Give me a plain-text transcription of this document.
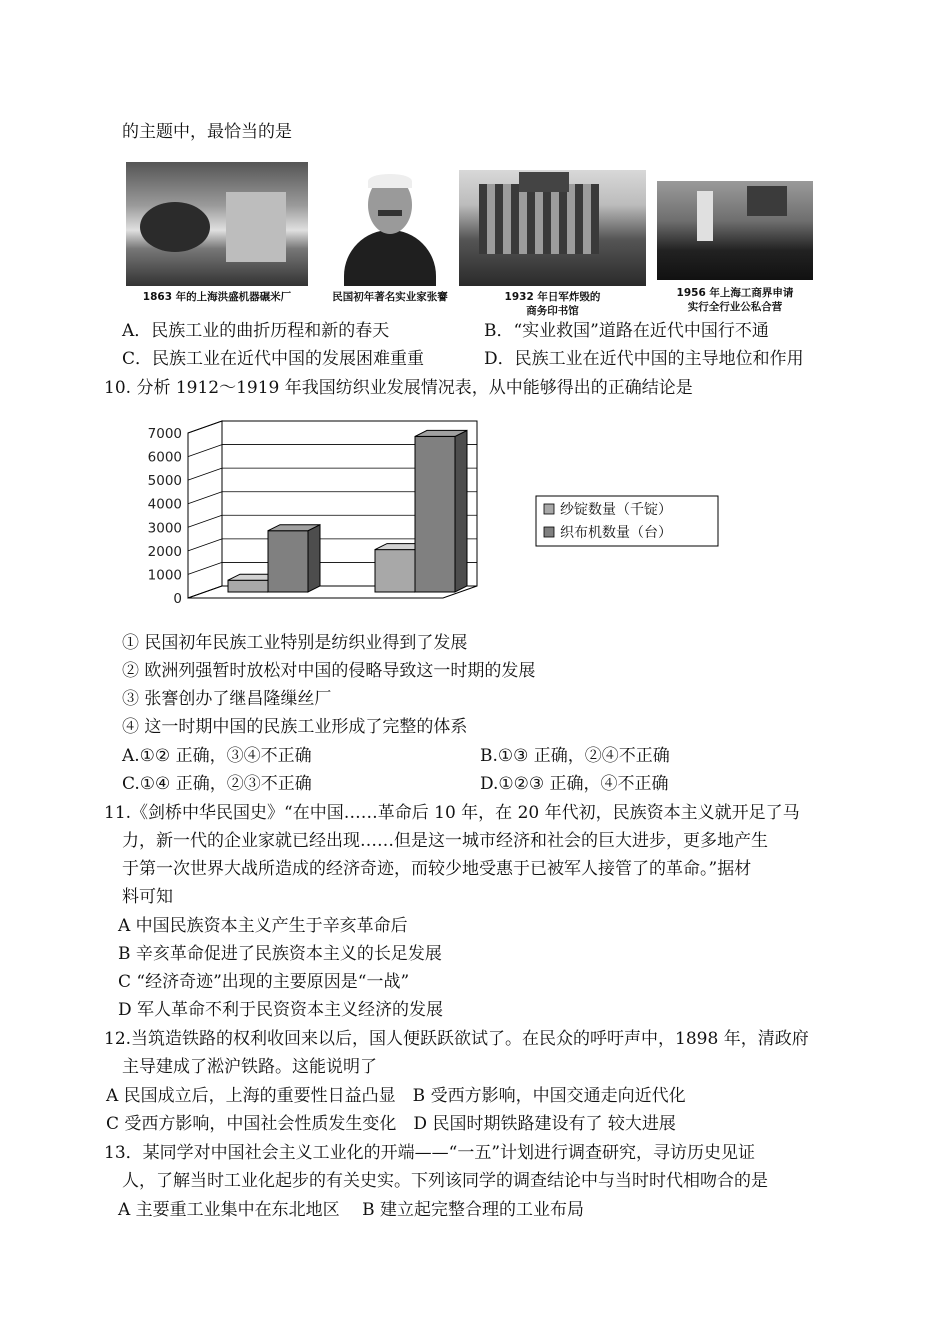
的主题中，最恰当的是
1863 年的上海洪盛机器碾米厂	民国初年著名实业家张謇	1932 年日军炸毁的
商务印书馆
1956 年上海工商界申请
实行全行业公私合营
A．民族工业的曲折历程和新的春天	B．“实业救国”道路在近代中国行不通
C．民族工业在近代中国的发展困难重重	D．民族工业在近代中国的主导地位和作用
10. 分析 1912～1919 年我国纺织业发展情况表，从中能够得出的正确结论是
0
1000
2000
3000
4000
5000
6000
7000
纱锭数量（千锭）
织布机数量（台）
① 民国初年民族工业特别是纺织业得到了发展
② 欧洲列强暂时放松对中国的侵略导致这一时期的发展
③ 张謇创办了继昌隆缫丝厂
④ 这一时期中国的民族工业形成了完整的体系
A.①② 正确，③④不正确	B.①③ 正确，②④不正确
C.①④ 正确，②③不正确	D.①②③ 正确，④不正确
11.《剑桥中华民国史》“在中国……革命后 10 年，在 20 年代初，民族资本主义就开足了马
力，新一代的企业家就已经出现……但是这一城市经济和社会的巨大进步，更多地产生
于第一次世界大战所造成的经济奇迹，而较少地受惠于已被军人接管了的革命。”据材
料可知
A 中国民族资本主义产生于辛亥革命后
B 辛亥革命促进了民族资本主义的长足发展
C “经济奇迹”出现的主要原因是“一战”
D 军人革命不利于民资资本主义经济的发展
12.当筑造铁路的权利收回来以后，国人便跃跃欲试了。在民众的呼吁声中，1898 年，清政府
主导建成了淞沪铁路。这能说明了
A 民国成立后，上海的重要性日益凸显　B 受西方影响，中国交通走向近代化
C 受西方影响，中国社会性质发生变化　D 民国时期铁路建设有了 较大进展
13．某同学对中国社会主义工业化的开端——“一五”计划进行调查研究，寻访历史见证
人，了解当时工业化起步的有关史实。下列该同学的调查结论中与当时时代相吻合的是
A 主要重工业集中在东北地区　 B 建立起完整合理的工业布局
